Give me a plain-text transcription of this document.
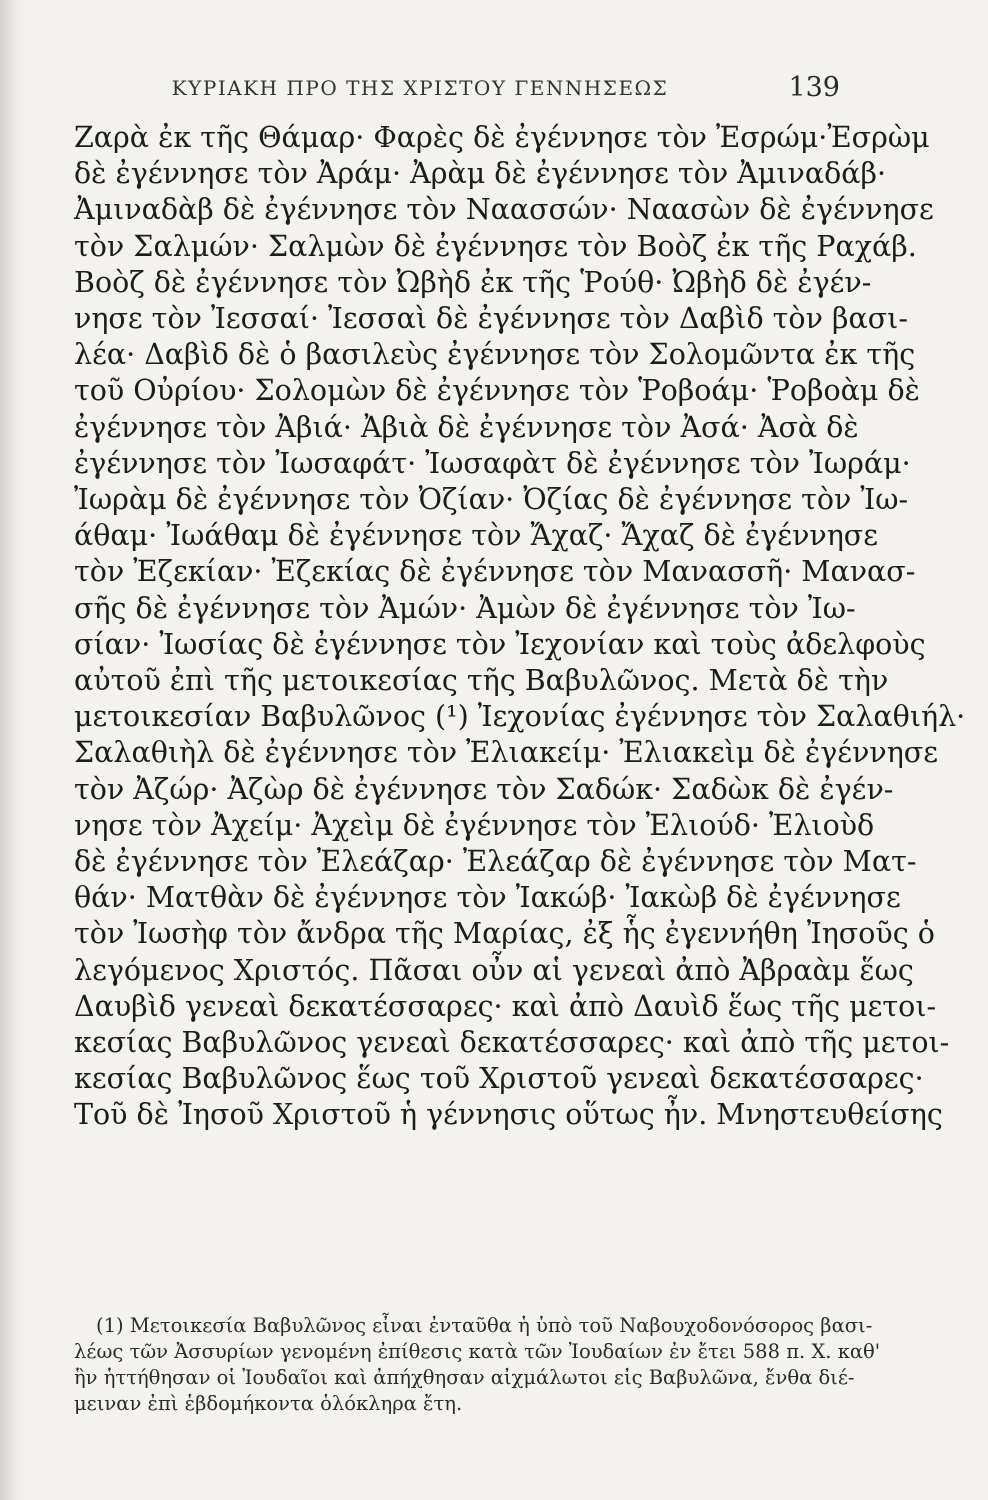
ΚΥΡΙΑΚΗ ΠΡΟ ΤΗΣ ΧΡΙΣΤΟΥ ΓΕΝΝΗΣΕΩΣ	139
Ζαρὰ ἐκ τῆς Θάμαρ· Φαρὲς δὲ ἐγέννησε τὸν Ἐσρώμ·Ἐσρὼμ
δὲ ἐγέννησε τὸν Ἀράμ· Ἀρὰμ δὲ ἐγέννησε τὸν Ἀμιναδάβ·
Ἀμιναδὰβ δὲ ἐγέννησε τὸν Ναασσών· Ναασὼν δὲ ἐγέννησε
τὸν Σαλμών· Σαλμὼν δὲ ἐγέννησε τὸν Βοὸζ ἐκ τῆς Ραχάβ.
Βοὸζ δὲ ἐγέννησε τὸν Ὠβὴδ ἐκ τῆς Ῥούθ· Ὠβὴδ δὲ ἐγέν-
νησε τὸν Ἰεσσαί· Ἰεσσαὶ δὲ ἐγέννησε τὸν Δαβὶδ τὸν βασι-
λέα· Δαβὶδ δὲ ὁ βασιλεὺς ἐγέννησε τὸν Σολομῶντα ἐκ τῆς
τοῦ Οὐρίου· Σολομὼν δὲ ἐγέννησε τὸν Ῥοβοάμ· Ῥοβοὰμ δὲ
ἐγέννησε τὸν Ἀβιά· Ἀβιὰ δὲ ἐγέννησε τὸν Ἀσά· Ἀσὰ δὲ
ἐγέννησε τὸν Ἰωσαφάτ· Ἰωσαφὰτ δὲ ἐγέννησε τὸν Ἰωράμ·
Ἰωρὰμ δὲ ἐγέννησε τὸν Ὀζίαν· Ὀζίας δὲ ἐγέννησε τὸν Ἰω-
άθαμ· Ἰωάθαμ δὲ ἐγέννησε τὸν Ἄχαζ· Ἄχαζ δὲ ἐγέννησε
τὸν Ἐζεκίαν· Ἐζεκίας δὲ ἐγέννησε τὸν Μανασσῆ· Μανασ-
σῆς δὲ ἐγέννησε τὸν Ἀμών· Ἀμὼν δὲ ἐγέννησε τὸν Ἰω-
σίαν· Ἰωσίας δὲ ἐγέννησε τὸν Ἰεχονίαν καὶ τοὺς ἀδελφοὺς
αὐτοῦ ἐπὶ τῆς μετοικεσίας τῆς Βαβυλῶνος. Μετὰ δὲ τὴν
μετοικεσίαν Βαβυλῶνος (¹) Ἰεχονίας ἐγέννησε τὸν Σαλαθιήλ·
Σαλαθιὴλ δὲ ἐγέννησε τὸν Ἐλιακείμ· Ἐλιακεὶμ δὲ ἐγέννησε
τὸν Ἀζώρ· Ἀζὼρ δὲ ἐγέννησε τὸν Σαδώκ· Σαδὼκ δὲ ἐγέν-
νησε τὸν Ἀχείμ· Ἀχεὶμ δὲ ἐγέννησε τὸν Ἐλιούδ· Ἐλιοὺδ
δὲ ἐγέννησε τὸν Ἐλεάζαρ· Ἐλεάζαρ δὲ ἐγέννησε τὸν Ματ-
θάν· Ματθὰν δὲ ἐγέννησε τὸν Ἰακώβ· Ἰακὼβ δὲ ἐγέννησε
τὸν Ἰωσὴφ τὸν ἄνδρα τῆς Μαρίας, ἐξ ἧς ἐγεννήθη Ἰησοῦς ὁ
λεγόμενος Χριστός. Πᾶσαι οὖν αἱ γενεαὶ ἀπὸ Ἀβραὰμ ἕως
Δαυβὶδ γενεαὶ δεκατέσσαρες· καὶ ἀπὸ Δαυὶδ ἕως τῆς μετοι-
κεσίας Βαβυλῶνος γενεαὶ δεκατέσσαρες· καὶ ἀπὸ τῆς μετοι-
κεσίας Βαβυλῶνος ἕως τοῦ Χριστοῦ γενεαὶ δεκατέσσαρες·
Τοῦ δὲ Ἰησοῦ Χριστοῦ ἡ γέννησις οὕτως ἦν. Μνηστευθείσης
(1) Μετοικεσία Βαβυλῶνος εἶναι ἐνταῦθα ἡ ὑπὸ τοῦ Ναβουχοδονόσορος βασι-
λέως τῶν Ἀσσυρίων γενομένη ἐπίθεσις κατὰ τῶν Ἰουδαίων ἐν ἔτει 588 π. Χ. καθ'
ἣν ἡττήθησαν οἱ Ἰουδαῖοι καὶ ἀπήχθησαν αἰχμάλωτοι εἰς Βαβυλῶνα, ἔνθα διέ-
μειναν ἐπὶ ἑβδομήκοντα ὁλόκληρα ἔτη.
